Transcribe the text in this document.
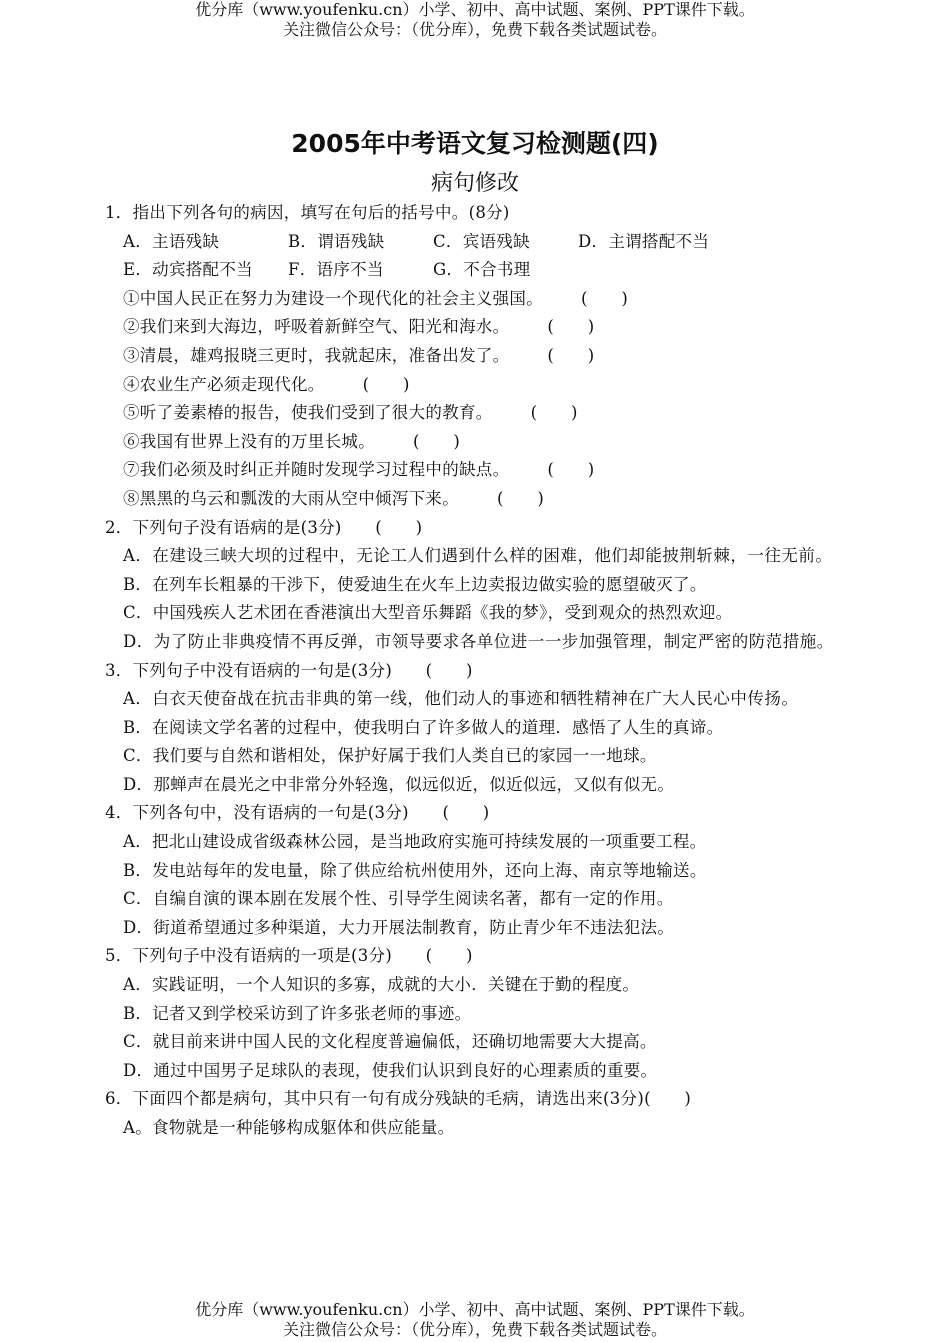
优分库（www.youfenku.cn）小学、初中、高中试题、案例、PPT课件下载。
关注微信公众号：（优分库），免费下载各类试题试卷。
2005年中考语文复习检测题(四)
病句修改
1．指出下列各句的病因，填写在句后的括号中。(8分)
A．主语残缺	B．谓语残缺	C．宾语残缺	D．主谓搭配不当
E．动宾搭配不当	F．语序不当	G．不合书理
①中国人民正在努力为建设一个现代化的社会主义强国。 (　　)
②我们来到大海边，呼吸着新鲜空气、阳光和海水。 (　　)
③清晨，雄鸡报晓三更时，我就起床，准备出发了。 (　　)
④农业生产必须走现代化。 (　　)
⑤听了姜素椿的报告，使我们受到了很大的教育。 (　　)
⑥我国有世界上没有的万里长城。 (　　)
⑦我们必须及时纠正并随时发现学习过程中的缺点。 (　　)
⑧黑黑的乌云和瓢泼的大雨从空中倾泻下来。 (　　)
2．下列句子没有语病的是(3分)　　(　　)
A．在建设三峡大坝的过程中，无论工人们遇到什么样的困难，他们却能披荆斩棘，一往无前。
B．在列车长粗暴的干涉下，使爱迪生在火车上边卖报边做实验的愿望破灭了。
C．中国残疾人艺术团在香港演出大型音乐舞蹈《我的梦》，受到观众的热烈欢迎。
D．为了防止非典疫情不再反弹，市领导要求各单位进一一步加强管理，制定严密的防范措施。
3．下列句子中没有语病的一句是(3分)　　(　　)
A．白衣天使奋战在抗击非典的第一线，他们动人的事迹和牺牲精神在广大人民心中传扬。
B．在阅读文学名著的过程中，使我明白了许多做人的道理．感悟了人生的真谛。
C．我们要与自然和谐相处，保护好属于我们人类自已的家园一一地球。
D．那蝉声在晨光之中非常分外轻逸，似远似近，似近似远，又似有似无。
4．下列各句中，没有语病的一句是(3分)　　(　　)
A．把北山建设成省级森林公园，是当地政府实施可持续发展的一项重要工程。
B．发电站每年的发电量，除了供应给杭州使用外，还向上海、南京等地输送。
C．自编自演的课本剧在发展个性、引导学生阅读名著，都有一定的作用。
D．街道希望通过多种渠道，大力开展法制教育，防止青少年不违法犯法。
5．下列句子中没有语病的一项是(3分)　　(　　)
A．实践证明，一个人知识的多寡，成就的大小．关键在于勤的程度。
B．记者又到学校采访到了许多张老师的事迹。
C．就目前来讲中国人民的文化程度普遍偏低，还确切地需要大大提高。
D．通过中国男子足球队的表现，使我们认识到良好的心理素质的重要。
6．下面四个都是病句，其中只有一句有成分残缺的毛病，请选出来(3分)(　　)
A。食物就是一种能够构成躯体和供应能量。
优分库（www.youfenku.cn）小学、初中、高中试题、案例、PPT课件下载。
关注微信公众号：（优分库），免费下载各类试题试卷。
